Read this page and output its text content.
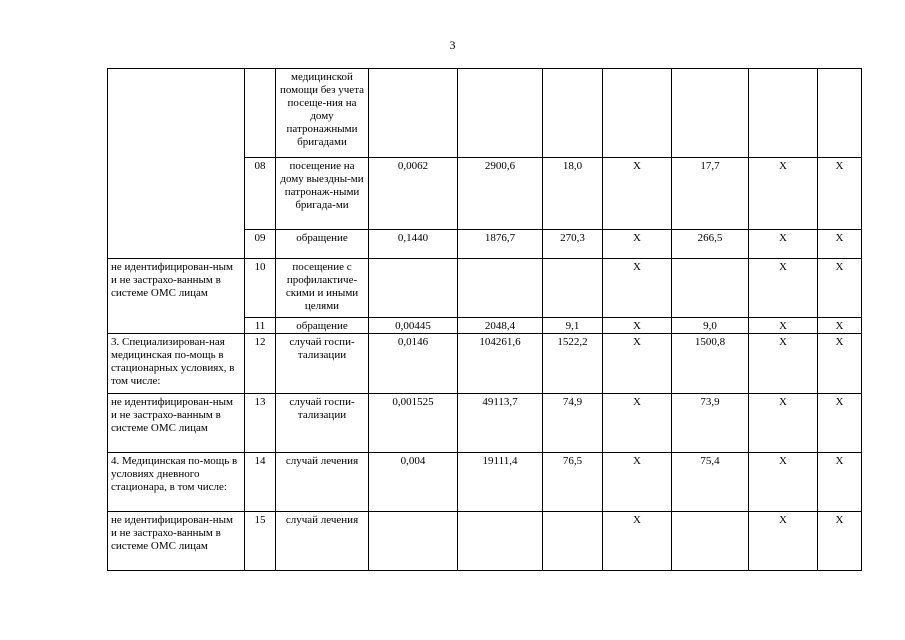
3
		медицинской помощи без учета посеще-ния на дому патронажными бригадами							
	08	посещение на дому выездны-ми патронаж-ными бригада-ми	0,0062	2900,6	18,0	Х	17,7	Х	Х
	09	обращение	0,1440	1876,7	270,3	Х	266,5	Х	Х
не идентифицирован-ным и не застрахо-ванным в системе ОМС лицам	10	посещение с профилактиче-скими и иными целями				Х		Х	Х
	11	обращение	0,00445	2048,4	9,1	Х	9,0	Х	Х
3. Специализирован-ная медицинская по-мощь в стационарных условиях, в том числе:	12	случай госпи-тализации	0,0146	104261,6	1522,2	Х	1500,8	Х	Х
не идентифицирован-ным и не застрахо-ванным в системе ОМС лицам	13	случай госпи-тализации	0,001525	49113,7	74,9	Х	73,9	Х	Х
4. Медицинская по-мощь в условиях дневного стационара, в том числе:	14	случай лечения	0,004	19111,4	76,5	Х	75,4	Х	Х
не идентифицирован-ным и не застрахо-ванным в системе ОМС лицам	15	случай лечения				Х		Х	Х
